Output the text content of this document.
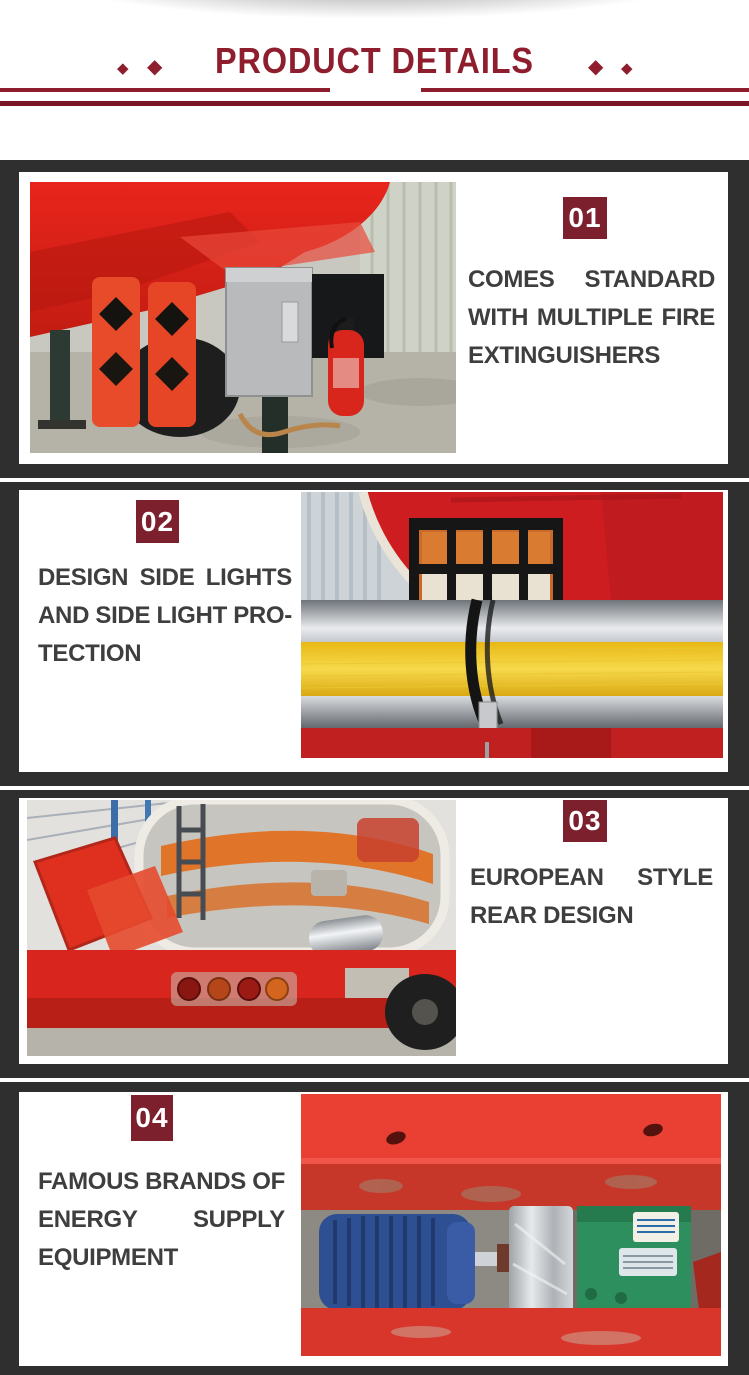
PRODUCT DETAILS
◆ ◆	◆ ◆
01
COMES STANDARD
WITH MULTIPLE FIRE
EXTINGUISHERS
02
DESIGN SIDE LIGHTS
AND SIDE LIGHT PRO-
TECTION
03
EUROPEAN STYLE
REAR DESIGN
04
FAMOUS BRANDS OF
ENERGY SUPPLY
EQUIPMENT
